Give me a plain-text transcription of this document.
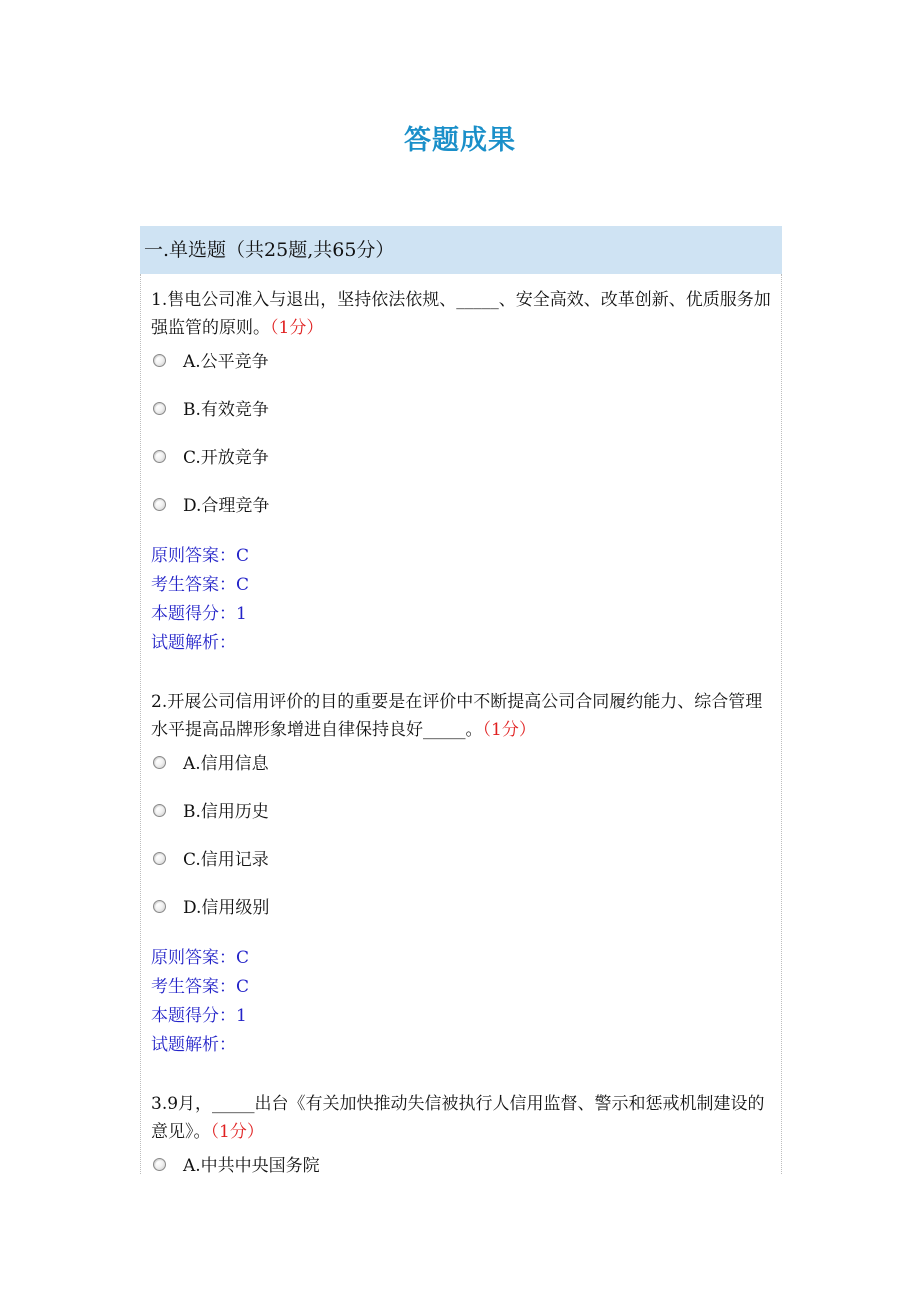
答题成果
一.单选题（共25题,共65分）
1.售电公司准入与退出，坚持依法依规、_____、安全高效、改革创新、优质服务加强监管的原则。（1分）
A.公平竞争
B.有效竞争
C.开放竞争
D.合理竞争
原则答案：C
考生答案：C
本题得分：1
试题解析：
2.开展公司信用评价的目的重要是在评价中不断提高公司合同履约能力、综合管理水平提高品牌形象增进自律保持良好_____。（1分）
A.信用信息
B.信用历史
C.信用记录
D.信用级别
原则答案：C
考生答案：C
本题得分：1
试题解析：
3.9月，_____出台《有关加快推动失信被执行人信用监督、警示和惩戒机制建设的意见》。（1分）
A.中共中央国务院
